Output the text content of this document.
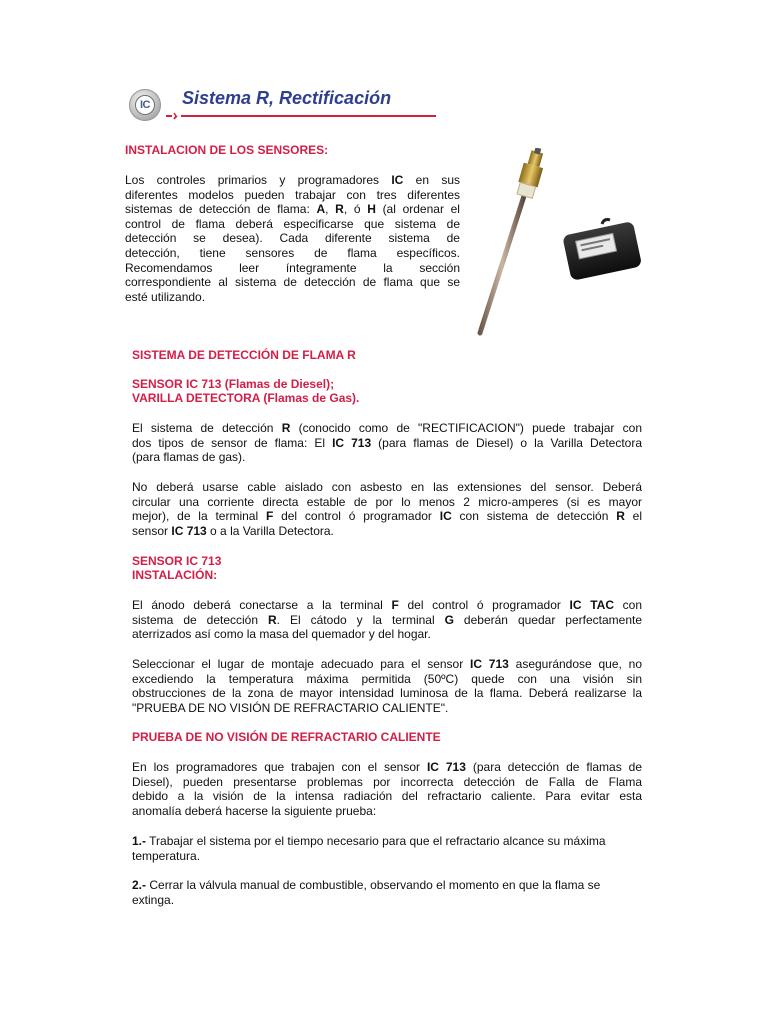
IC Sistema R, Rectificación

INSTALACION DE LOS SENSORES:

Los controles primarios y programadores IC en sus
diferentes modelos pueden trabajar con tres diferentes
sistemas de detección de flama: A, R, ó H (al ordenar el
control de flama deberá especificarse que sistema de
detección se desea). Cada diferente sistema de
detección, tiene sensores de flama específicos.
Recomendamos leer íntegramente la sección
correspondiente al sistema de detección de flama que se
esté utilizando.

SISTEMA DE DETECCIÓN DE FLAMA R

SENSOR IC 713 (Flamas de Diesel);

VARILLA DETECTORA (Flamas de Gas).

El sistema de detección R (conocido como de "RECTIFICACION") puede trabajar con
dos tipos de sensor de flama: El IC 713 (para flamas de Diesel) o la Varilla Detectora
(para flamas de gas).
No deberá usarse cable aislado con asbesto en las extensiones del sensor. Deberá
circular una corriente directa estable de por lo menos 2 micro-amperes (si es mayor
mejor), de la terminal F del control ó programador IC con sistema de detección R el
sensor IC 713 o a la Varilla Detectora.

SENSOR IC 713

INSTALACIÓN:

El ánodo deberá conectarse a la terminal F del control ó programador IC TAC con
sistema de detección R. El cátodo y la terminal G deberán quedar perfectamente
aterrizados así como la masa del quemador y del hogar.
Seleccionar el lugar de montaje adecuado para el sensor IC 713 asegurándose que, no
excediendo la temperatura máxima permitida (50ºC) quede con una visión sin
obstrucciones de la zona de mayor intensidad luminosa de la flama. Deberá realizarse la
"PRUEBA DE NO VISIÓN DE REFRACTARIO CALIENTE".

PRUEBA DE NO VISIÓN DE REFRACTARIO CALIENTE

En los programadores que trabajen con el sensor IC 713 (para detección de flamas de
Diesel), pueden presentarse problemas por incorrecta detección de Falla de Flama
debido a la visión de la intensa radiación del refractario caliente. Para evitar esta
anomalía deberá hacerse la siguiente prueba:
1.- Trabajar el sistema por el tiempo necesario para que el refractario alcance su máxima
temperatura.
2.- Cerrar la válvula manual de combustible, observando el momento en que la flama se
extinga.
